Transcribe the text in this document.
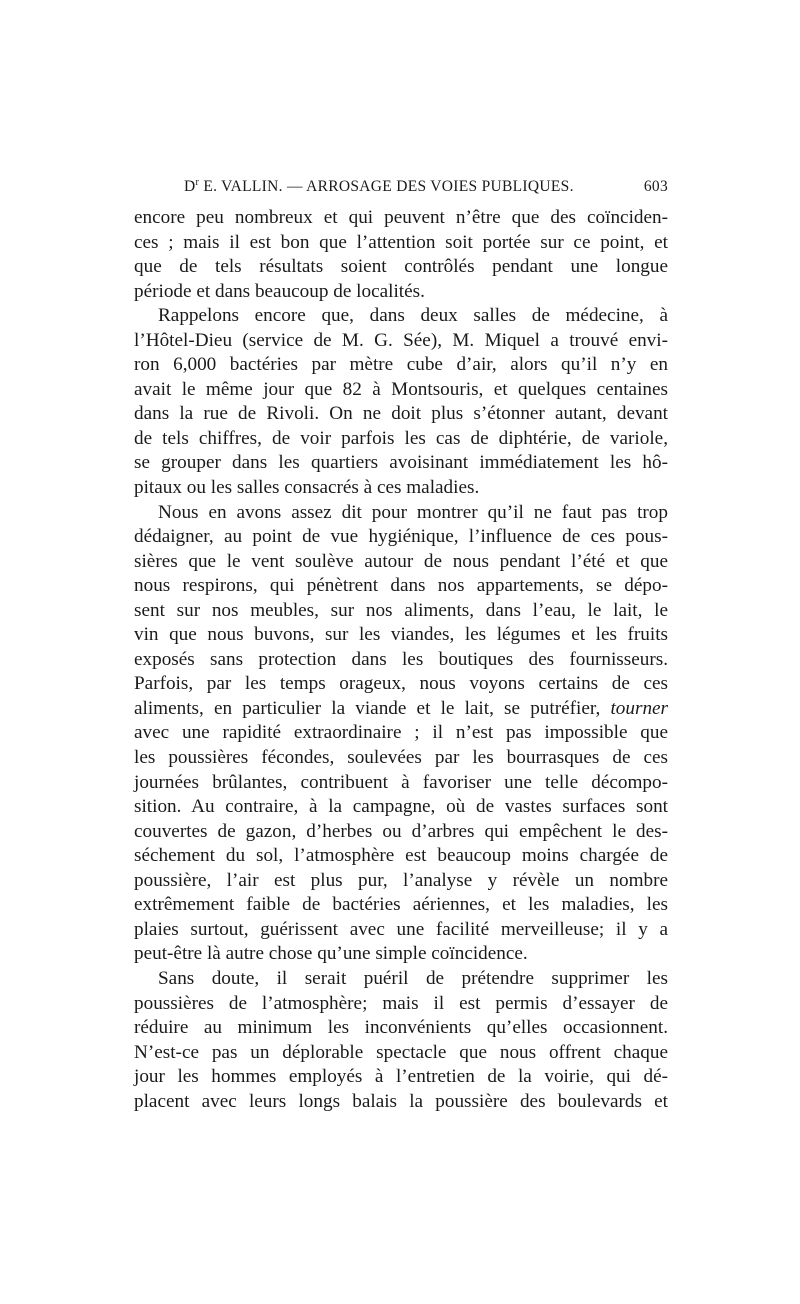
$D^r$ E. VALLIN. — ARROSAGE DES VOIES PUBLIQUES.	603
encore peu nombreux et qui peuvent n’être que des coïnciden-
ces ; mais il est bon que l’attention soit portée sur ce point, et
que de tels résultats soient contrôlés pendant une longue
période et dans beaucoup de localités.
Rappelons encore que, dans deux salles de médecine, à
l’Hôtel-Dieu (service de M. G. Sée), M. Miquel a trouvé envi-
ron 6,000 bactéries par mètre cube d’air, alors qu’il n’y en
avait le même jour que 82 à Montsouris, et quelques centaines
dans la rue de Rivoli. On ne doit plus s’étonner autant, devant
de tels chiffres, de voir parfois les cas de diphtérie, de variole,
se grouper dans les quartiers avoisinant immédiatement les hô-
pitaux ou les salles consacrés à ces maladies.
Nous en avons assez dit pour montrer qu’il ne faut pas trop
dédaigner, au point de vue hygiénique, l’influence de ces pous-
sières que le vent soulève autour de nous pendant l’été et que
nous respirons, qui pénètrent dans nos appartements, se dépo-
sent sur nos meubles, sur nos aliments, dans l’eau, le lait, le
vin que nous buvons, sur les viandes, les légumes et les fruits
exposés sans protection dans les boutiques des fournisseurs.
Parfois, par les temps orageux, nous voyons certains de ces
aliments, en particulier la viande et le lait, se putréfier, tourner
avec une rapidité extraordinaire ; il n’est pas impossible que
les poussières fécondes, soulevées par les bourrasques de ces
journées brûlantes, contribuent à favoriser une telle décompo-
sition. Au contraire, à la campagne, où de vastes surfaces sont
couvertes de gazon, d’herbes ou d’arbres qui empêchent le des-
séchement du sol, l’atmosphère est beaucoup moins chargée de
poussière, l’air est plus pur, l’analyse y révèle un nombre
extrêmement faible de bactéries aériennes, et les maladies, les
plaies surtout, guérissent avec une facilité merveilleuse; il y a
peut-être là autre chose qu’une simple coïncidence.
Sans doute, il serait puéril de prétendre supprimer les
poussières de l’atmosphère; mais il est permis d’essayer de
réduire au minimum les inconvénients qu’elles occasionnent.
N’est-ce pas un déplorable spectacle que nous offrent chaque
jour les hommes employés à l’entretien de la voirie, qui dé-
placent avec leurs longs balais la poussière des boulevards et
